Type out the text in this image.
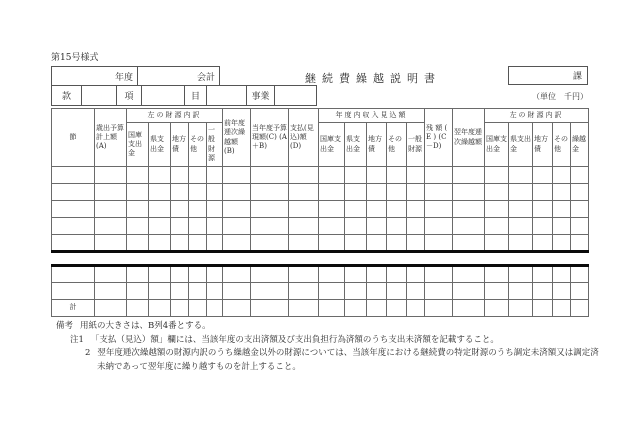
第15号様式
年度	会計	継続費繰越説明書	課
款		項		目		事業		（単位　千円）
節	歳出予算計上額 (A)	左の財源内訳					前年度逓次繰越額 (B)	当年度予算現額(C) (A＋B)	支払(見込)額 (D)	年度内収入見込額					残 額 ( E ) (C－D)	翌年度逓次繰越額	左の財源内訳				
		国庫支出金	県支出金	地方債	その他	一般財源				国庫支出金	県支出金	地方債	その他	一般財源			国庫支出金	県支出金	地方債	その他	繰越金

計																					
備考 用紙の大きさは、B列4番とする。
注1 「支払（見込）額」欄には、当該年度の支出済額及び支出負担行為済額のうち支出未済額を記載すること。
2 翌年度逓次繰越額の財源内訳のうち繰越金以外の財源については、当該年度における継続費の特定財源のうち調定未済額又は調定済
未納であって翌年度に繰り越すものを計上すること。
